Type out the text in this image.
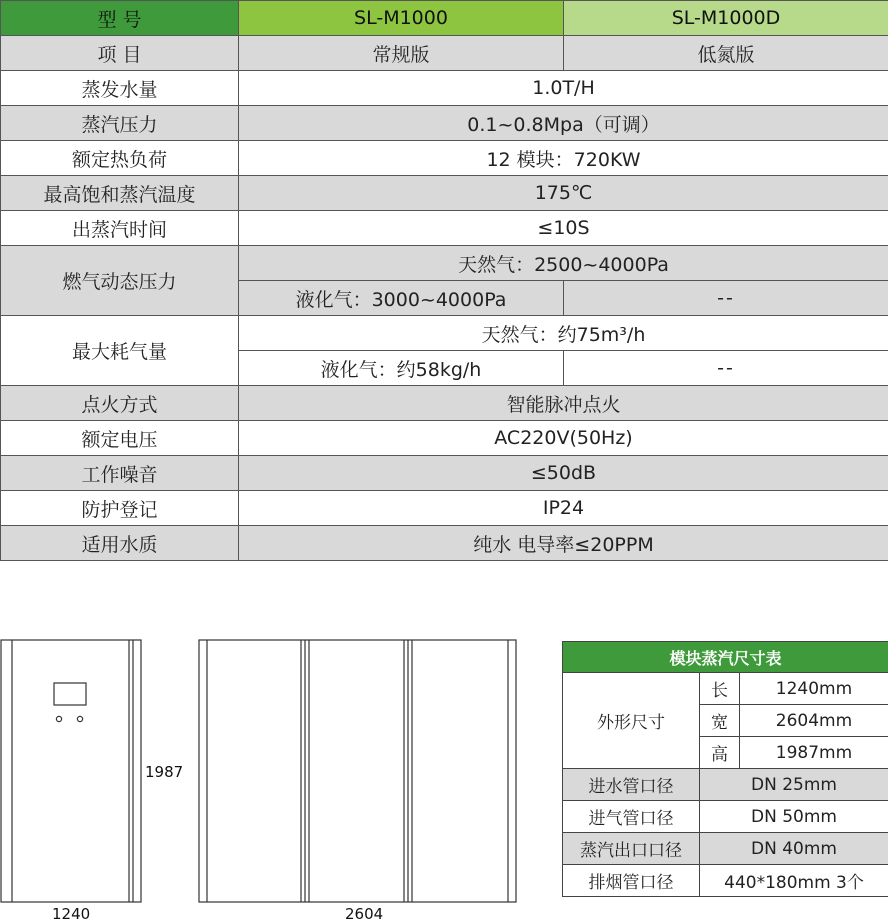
型 号	SL-M1000	SL-M1000D
项 目	常规版	低氮版
蒸发水量	1.0T/H	
蒸汽压力	0.1~0.8Mpa（可调）	
额定热负荷	12 模块：720KW	
最高饱和蒸汽温度	175℃	
出蒸汽时间	≤10S	
燃气动态压力	天然气：2500~4000Pa	
	液化气：3000~4000Pa	--
最大耗气量	天然气：约75m³/h	
	液化气：约58kg/h	--
点火方式	智能脉冲点火	
额定电压	AC220V(50Hz)	
工作噪音	≤50dB	
防护登记	IP24	
适用水质	纯水 电导率≤20PPM	
1987
1240	2604
模块蒸汽尺寸表		
外形尺寸	长	1240mm
	宽	2604mm
	高	1987mm
进水管口径	DN 25mm	
进气管口径	DN 50mm	
蒸汽出口口径	DN 40mm	
排烟管口径	440*180mm 3个	
